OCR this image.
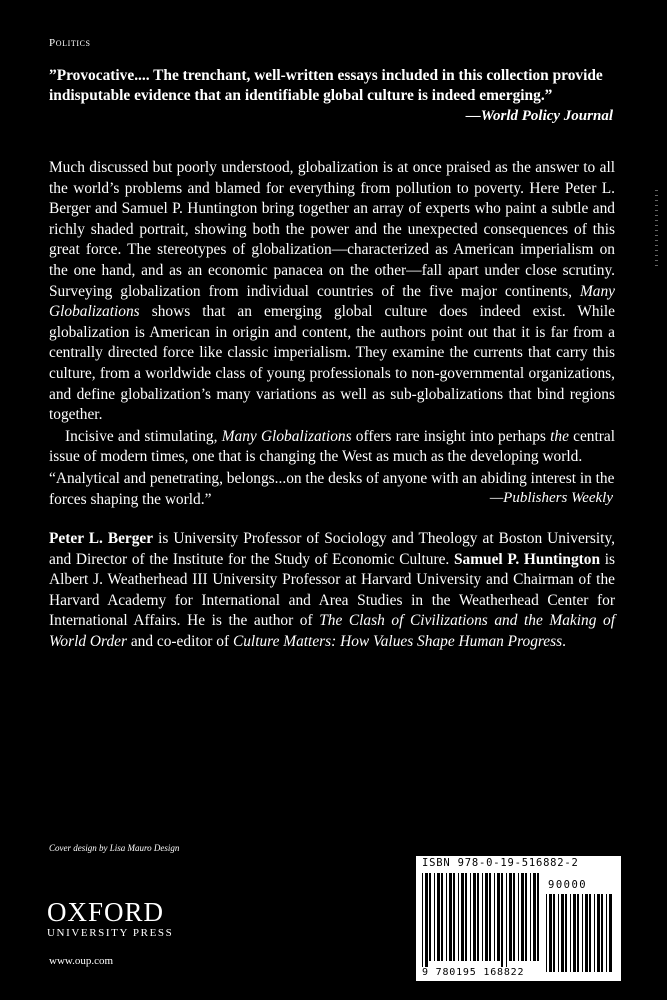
Politics
”Provocative.... The trenchant, well-written essays included in this collection provide indisputable evidence that an identifiable global culture is indeed emerging.”
—World Policy Journal

Much discussed but poorly understood, globalization is at once praised as the answer to all the world’s problems and blamed for everything from pollution to poverty. Here Peter L. Berger and Samuel P. Huntington bring together an array of experts who paint a subtle and richly shaded portrait, showing both the power and the unexpected consequences of this great force. The stereotypes of globalization—characterized as American imperialism on the one hand, and as an economic panacea on the other—fall apart under close scrutiny. Surveying globalization from individual countries of the five major continents, Many Globalizations shows that an emerging global culture does indeed exist. While globalization is American in origin and content, the authors point out that it is far from a centrally directed force like classic imperialism. They examine the currents that carry this culture, from a worldwide class of young professionals to non-governmental organizations, and define globalization’s many variations as well as sub-globalizations that bind regions together.

Incisive and stimulating, Many Globalizations offers rare insight into perhaps the central issue of modern times, one that is changing the West as much as the developing world.

“Analytical and penetrating, belongs...on the desks of anyone with an abiding interest in the forces shaping the world.”	—Publishers Weekly
Peter L. Berger is University Professor of Sociology and Theology at Boston University, and Director of the Institute for the Study of Economic Culture. Samuel P. Huntington is Albert J. Weatherhead III University Professor at Harvard University and Chairman of the Harvard Academy for International and Area Studies in the Weatherhead Center for International Affairs. He is the author of The Clash of Civilizations and the Making of World Order and co-editor of Culture Matters: How Values Shape Human Progress.
Cover design by Lisa Mauro Design
OXFORD
UNIVERSITY PRESS
www.oup.com
ISBN 978-0-19-516882-2
90000
9 780195 168822
